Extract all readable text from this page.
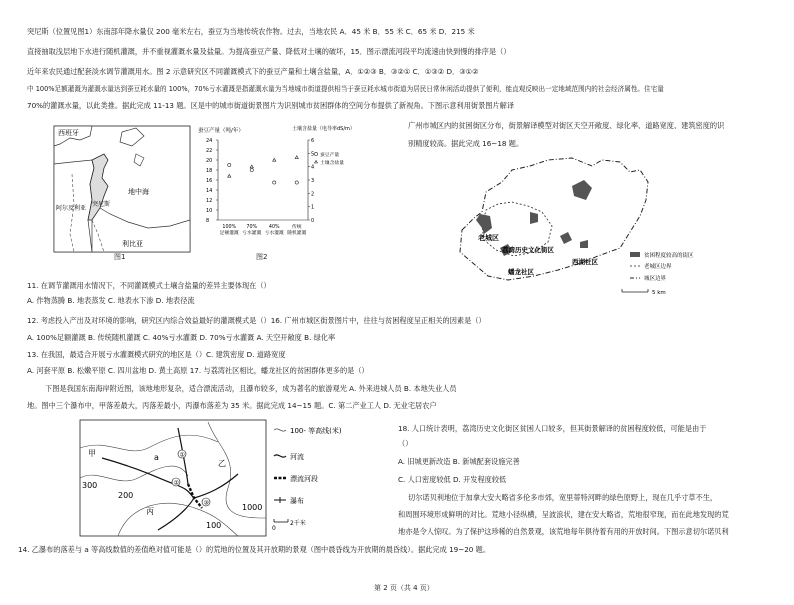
突尼斯（位置见图1）东南部年降水量仅 200 毫米左右，蚕豆为当地传统农作物。过去，当地农民 A．45 米 B．55 米 C．65 米 D．215 米
直接抽取浅层地下水进行随机灌溉，并不重视灌溉水量及盐量。为提高蚕豆产量、降低对土壤的破坏，15．图示漂流河段平均流速由快到慢的排序是（）
近年来农民通过配套淡水调节灌溉用水。图 2 示意研究区不同灌溉模式下的蚕豆产量和土壤含盐量，A．①②③ B．③②① C．①③② D．③①②
中 100%足额灌溉为灌溉水量达到蚕豆耗水量的 100%，70%亏水灌溉是指灌溉水量为当地城市街道提供相当于蚕豆耗水城市街道为居民日常休闲活动提供了便利，能直观反映出一定地域范围内的社会经济属性。住宅量
70%的灌溉水量，以此类推。据此完成 11-13 题。区是中的城市街道街景图片为识别城市贫困群体的空间分布提供了新视角。下图示意利用街景图片解译
广州市城区内的贫困街区分布，街景解译模型对街区天空开敞度、绿化率、道路宽度、建筑密度的识
别精度较高。据此完成 16~18 题。
西班牙
地中海
阿尔及利亚
突尼斯
利比亚
图1
蚕豆产量（吨/年）	土壤含盐量（电导率dS/m）
24
22
20
18
16
14
12
10
8
6
5
4
3
2
1
0
100%
足额灌溉
70%
亏水灌溉
40%
亏水灌溉
传统
随机灌溉
蚕豆产量
土壤含盐量
图2
老城区
荔湾历史文化街区
蟠龙社区
西湖社区
贫困程度较高的街区
老城区边界
城区边界
5 km
11. 在调节灌溉用水情况下，不同灌溉模式土壤含盐量的差异主要体现在（）
A. 作物蒸腾 B. 地表蒸发 C. 地表水下渗 D. 地表径流
12. 考虑投入产出及对环境的影响，研究区内综合效益最好的灌溉模式是（）16. 广州市城区街景图片中，往往与贫困程度呈正相关的因素是（）
A. 100%足额灌溉 B. 传统随机灌溉 C. 40%亏水灌溉 D. 70%亏水灌溉 A. 天空开敞度 B. 绿化率
13. 在我国，最适合开展亏水灌溉模式研究的地区是（）C. 建筑密度 D. 道路宽度
A. 河套平原 B. 松嫩平原 C. 四川盆地 D. 黄土高原 17. 与荔湾社区相比，蟠龙社区的贫困群体更多的是（）
下图是我国东南海岸附近图，该地地形复杂，适合漂流活动，且瀑布较多，成为著名的旅游观光 A. 外来进城人员 B. 本地失业人员
地。图中三个瀑布中，甲落差最大，丙落差最小，丙瀑布落差为 35 米。据此完成 14~15 题。C. 第二产业工人 D. 无业宅居农户
①
②
③
甲
乙
丙
a
300
200
100
1000
100- 等高线(米)
河流
漂流河段
瀑布
0
2千米
18. 人口统计表明，荔湾历史文化街区贫困人口较多，但其街景解译的贫困程度较低，可能是由于
（）
A. 旧城更新改造 B. 新城配套设施完善
C. 人口密度较低 D. 开发程度较低
切尔诺贝利地位于加拿大安大略省多伦多市郊，宽里蒂特河畔的绿色原野上，现在几乎寸草不生，
和周围环境形成鲜明的对比。荒地小径纵横，呈波浪状，建在安大略省，荒地很窄现，而在此地发现的荒
地亦是令人惊叹。为了保护这珍稀的自然景观，该荒地每年俱待着有用的开放时间。下图示意切尔诺贝利
14. 乙瀑布的落差与 a 等高线数值的差值绝对值可能是（）的荒地的位置及其开放期的景观（图中晨昏线为开放期的晨昏线）。据此完成 19~20 题。
第 2 页（共 4 页）
